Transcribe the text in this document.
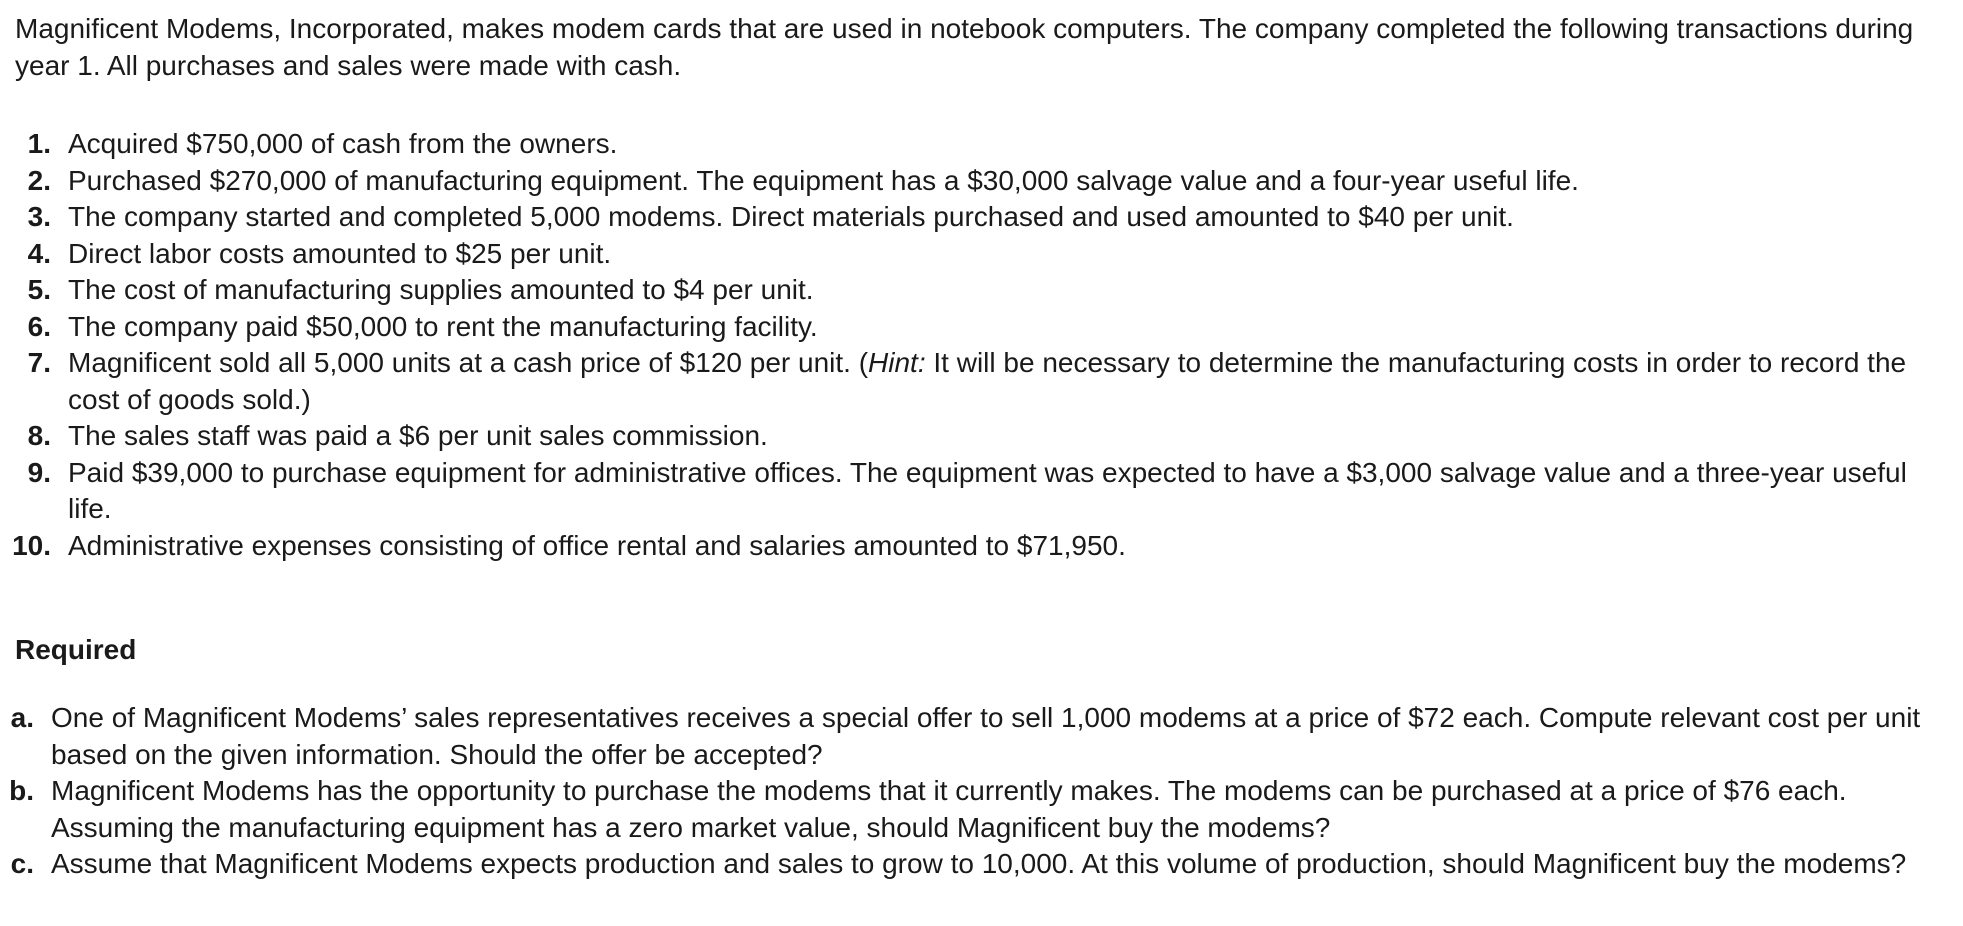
Magnificent Modems, Incorporated, makes modem cards that are used in notebook computers. The company completed the following transactions during year 1. All purchases and sales were made with cash.

1. Acquired $750,000 of cash from the owners.
2. Purchased $270,000 of manufacturing equipment. The equipment has a $30,000 salvage value and a four-year useful life.
3. The company started and completed 5,000 modems. Direct materials purchased and used amounted to $40 per unit.
4. Direct labor costs amounted to $25 per unit.
5. The cost of manufacturing supplies amounted to $4 per unit.
6. The company paid $50,000 to rent the manufacturing facility.
7. Magnificent sold all 5,000 units at a cash price of $120 per unit. (Hint: It will be necessary to determine the manufacturing costs in order to record the cost of goods sold.)
8. The sales staff was paid a $6 per unit sales commission.
9. Paid $39,000 to purchase equipment for administrative offices. The equipment was expected to have a $3,000 salvage value and a three-year useful life.
10. Administrative expenses consisting of office rental and salaries amounted to $71,950.
Required
a. One of Magnificent Modems’ sales representatives receives a special offer to sell 1,000 modems at a price of $72 each. Compute relevant cost per unit based on the given information. Should the offer be accepted?
b. Magnificent Modems has the opportunity to purchase the modems that it currently makes. The modems can be purchased at a price of $76 each. Assuming the manufacturing equipment has a zero market value, should Magnificent buy the modems?
c. Assume that Magnificent Modems expects production and sales to grow to 10,000. At this volume of production, should Magnificent buy the modems?
